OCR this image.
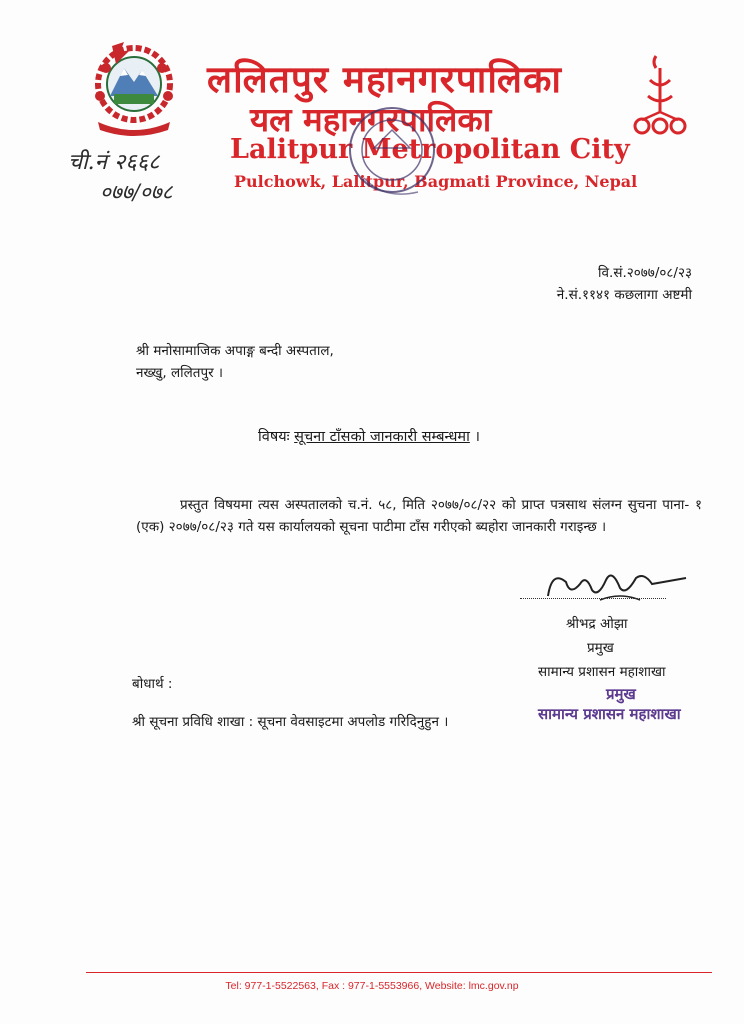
ललितपुर महानगरपालिका
यल महानगरपालिका
Lalitpur Metropolitan City
Pulchowk, Lalitpur, Bagmati Province, Nepal
ची.नं २६६८
०७७/०७८
वि.सं.२०७७/०८/२३
ने.सं.११४१ कछलागा अष्टमी
श्री मनोसामाजिक अपाङ्ग बन्दी अस्पताल,
नख्खु, ललितपुर ।
विषयः सूचना टाँसको जानकारी सम्बन्धमा ।
प्रस्तुत विषयमा त्यस अस्पतालको च.नं. ५८, मिति २०७७/०८/२२ को प्राप्त पत्रसाथ संलग्न सुचना पाना- १ (एक) २०७७/०८/२३ गते यस कार्यालयको सूचना पाटीमा टाँस गरीएको ब्यहोरा जानकारी गराइन्छ ।
श्रीभद्र ओझा
प्रमुख
सामान्य प्रशासन महाशाखा
बोधार्थ :
श्री सूचना प्रविधि शाखा : सूचना वेवसाइटमा अपलोड गरिदिनुहुन ।
प्रमुख
सामान्य प्रशासन महाशाखा
Tel: 977-1-5522563, Fax : 977-1-5553966, Website: lmc.gov.np
